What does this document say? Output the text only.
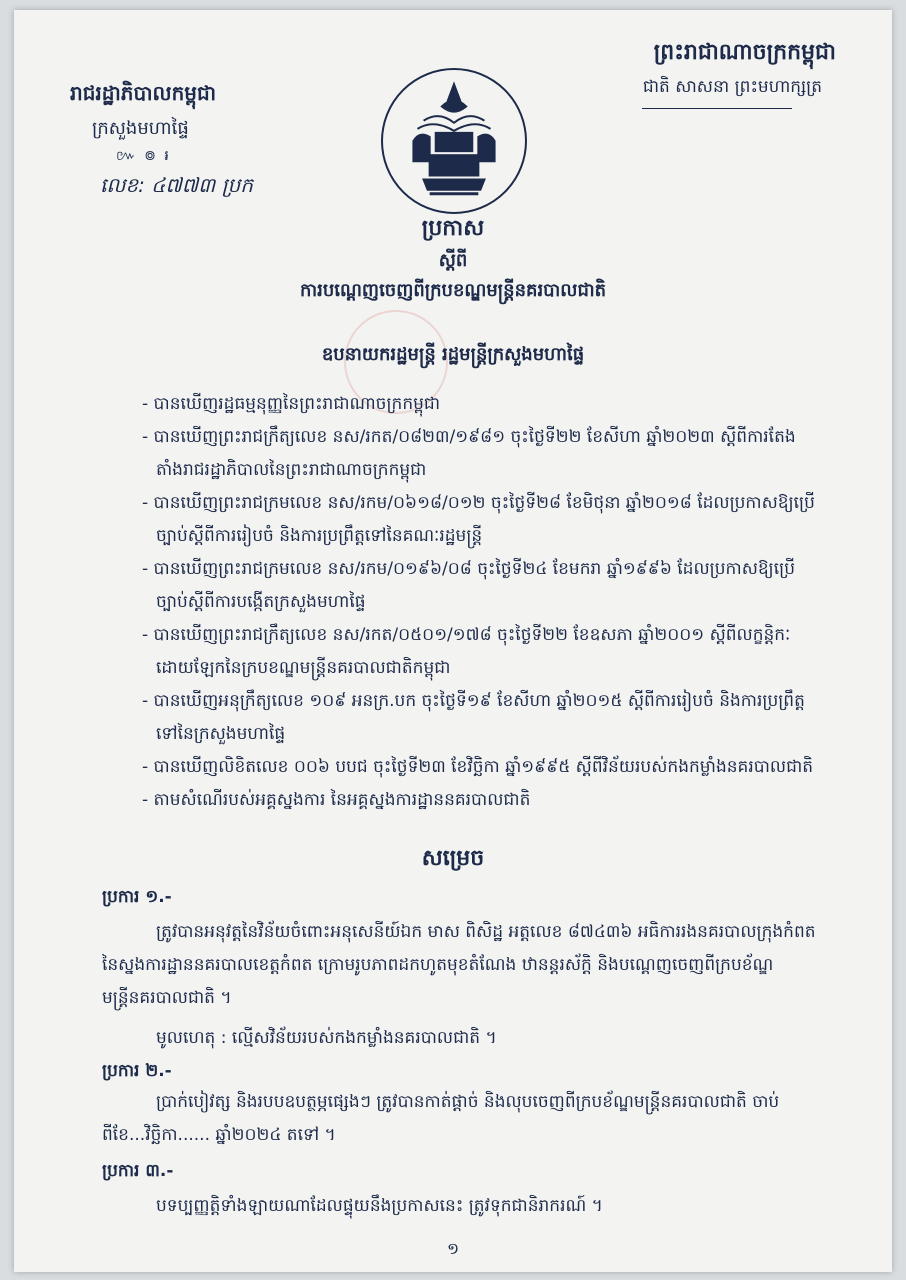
ព្រះរាជាណាចក្រកម្ពុជា
ជាតិ សាសនា ព្រះមហាក្សត្រ
រាជរដ្ឋាភិបាលកម្ពុជា
ក្រសួងមហាផ្ទៃ
៚ ៙ ៛
លេខ: ៤៧៧៣ ប្រក
ប្រកាស
ស្តីពី
ការបណ្តេញចេញពីក្របខណ្ឌមន្ត្រីនគរបាលជាតិ
ឧបនាយករដ្ឋមន្ត្រី រដ្ឋមន្ត្រីក្រសួងមហាផ្ទៃ
- បានឃើញរដ្ឋធម្មនុញ្ញនៃព្រះរាជាណាចក្រកម្ពុជា
- បានឃើញព្រះរាជក្រឹត្យលេខ នស/រកត/០៨២៣/១៩៨១ ចុះថ្ងៃទី២២ ខែសីហា ឆ្នាំ២០២៣ ស្តីពីការតែង
តាំងរាជរដ្ឋាភិបាលនៃព្រះរាជាណាចក្រកម្ពុជា
- បានឃើញព្រះរាជក្រមលេខ នស/រកម/០៦១៨/០១២ ចុះថ្ងៃទី២៨ ខែមិថុនា ឆ្នាំ២០១៨ ដែលប្រកាសឱ្យប្រើ
ច្បាប់ស្តីពីការរៀបចំ និងការប្រព្រឹត្តទៅនៃគណៈរដ្ឋមន្ត្រី
- បានឃើញព្រះរាជក្រមលេខ នស/រកម/០១៩៦/០៨ ចុះថ្ងៃទី២៤ ខែមករា ឆ្នាំ១៩៩៦ ដែលប្រកាសឱ្យប្រើ
ច្បាប់ស្តីពីការបង្កើតក្រសួងមហាផ្ទៃ
- បានឃើញព្រះរាជក្រឹត្យលេខ នស/រកត/០៥០១/១៧៨ ចុះថ្ងៃទី២២ ខែឧសភា ឆ្នាំ២០០១ ស្តីពីលក្ខន្តិកៈ
ដោយឡែកនៃក្របខណ្ឌមន្ត្រីនគរបាលជាតិកម្ពុជា
- បានឃើញអនុក្រឹត្យលេខ ១០៩ អនក្រ.បក ចុះថ្ងៃទី១៩ ខែសីហា ឆ្នាំ២០១៥ ស្តីពីការរៀបចំ និងការប្រព្រឹត្ត
ទៅនៃក្រសួងមហាផ្ទៃ
- បានឃើញលិខិតលេខ ០០៦ បបជ ចុះថ្ងៃទី២៣ ខែវិច្ឆិកា ឆ្នាំ១៩៩៥ ស្តីពីវិន័យរបស់កងកម្លាំងនគរបាលជាតិ
- តាមសំណើរបស់អគ្គស្នងការ នៃអគ្គស្នងការដ្ឋាននគរបាលជាតិ
សម្រេច
ប្រការ ១.-
ត្រូវបានអនុវត្តនៃវិន័យចំពោះអនុសេនីយ៍ឯក មាស ពិសិដ្ឋ អត្តលេខ ៨៧៤៣៦ អធិការរងនគរបាលក្រុងកំពត
នៃស្នងការដ្ឋាននគរបាលខេត្តកំពត ក្រោមរូបភាពដកហូតមុខតំណែង ឋានន្តរស័ក្តិ និងបណ្តេញចេញពីក្របខ័ណ្ឌ
មន្ត្រីនគរបាលជាតិ ។
មូលហេតុ : ល្មើសវិន័យរបស់កងកម្លាំងនគរបាលជាតិ ។
ប្រការ ២.-
ប្រាក់បៀវត្ស និងរបបឧបត្ថម្ភផ្សេងៗ ត្រូវបានកាត់ផ្តាច់ និងលុបចេញពីក្របខ័ណ្ឌមន្ត្រីនគរបាលជាតិ ចាប់
ពីខែ...វិច្ឆិកា...... ឆ្នាំ២០២៤ តទៅ ។
ប្រការ ៣.-
បទប្បញ្ញត្តិទាំងឡាយណាដែលផ្ទុយនឹងប្រកាសនេះ ត្រូវទុកជានិរាករណ៍ ។
១
